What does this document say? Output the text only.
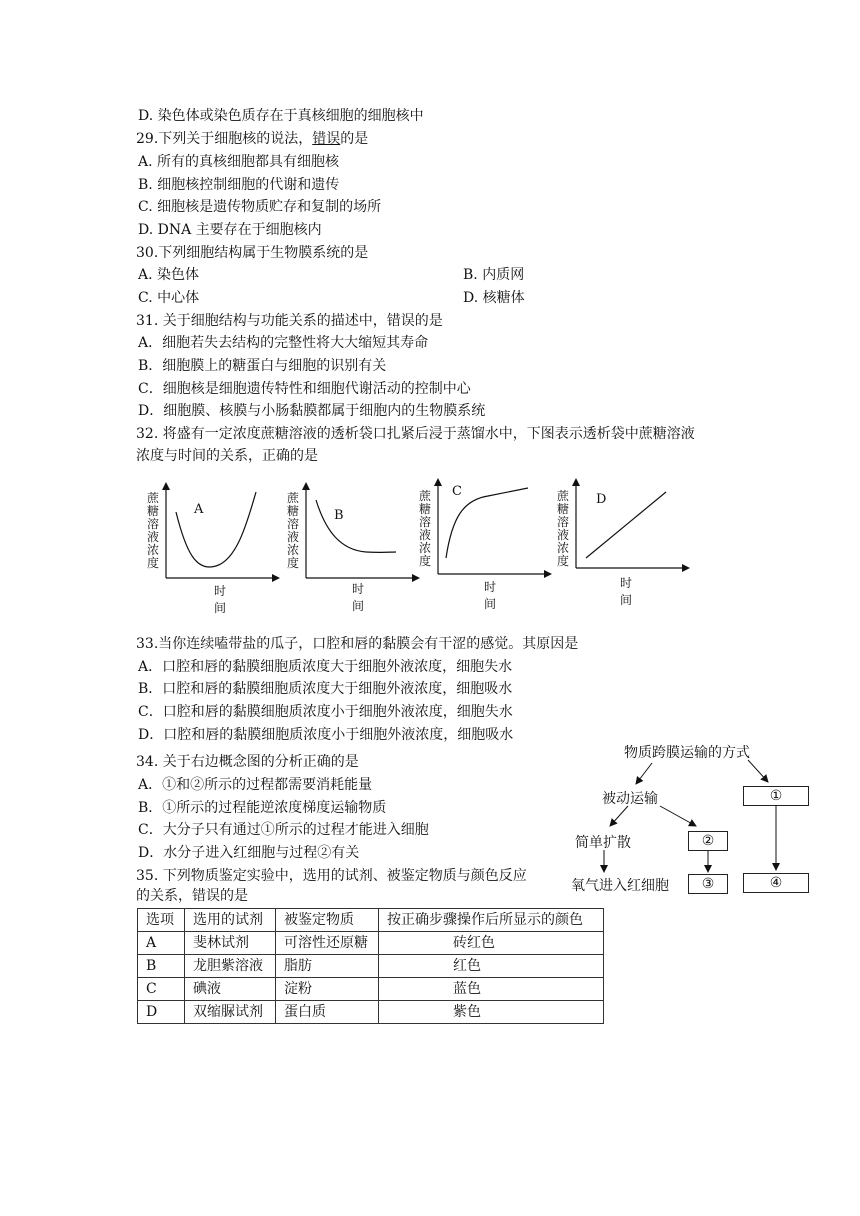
D. 染色体或染色质存在于真核细胞的细胞核中
29.下列关于细胞核的说法，错误的是
A. 所有的真核细胞都具有细胞核
B. 细胞核控制细胞的代谢和遗传
C. 细胞核是遗传物质贮存和复制的场所
D. DNA 主要存在于细胞核内
30.下列细胞结构属于生物膜系统的是
A. 染色体	B. 内质网
C. 中心体	D. 核糖体
31. 关于细胞结构与功能关系的描述中，错误的是
A．细胞若失去结构的完整性将大大缩短其寿命
B．细胞膜上的糖蛋白与细胞的识别有关
C．细胞核是细胞遗传特性和细胞代谢活动的控制中心
D．细胞膜、核膜与小肠黏膜都属于细胞内的生物膜系统
32. 将盛有一定浓度蔗糖溶液的透析袋口扎紧后浸于蒸馏水中，下图表示透析袋中蔗糖溶液
浓度与时间的关系，正确的是
蔗糖溶液浓度
A
时间
蔗糖溶液浓度
B
时间
蔗糖溶液浓度
C
时间
蔗糖溶液浓度
D
时间
33.当你连续嗑带盐的瓜子，口腔和唇的黏膜会有干涩的感觉。其原因是
A．口腔和唇的黏膜细胞质浓度大于细胞外液浓度，细胞失水
B．口腔和唇的黏膜细胞质浓度大于细胞外液浓度，细胞吸水
C．口腔和唇的黏膜细胞质浓度小于细胞外液浓度，细胞失水
D．口腔和唇的黏膜细胞质浓度小于细胞外液浓度，细胞吸水
34. 关于右边概念图的分析正确的是
A．①和②所示的过程都需要消耗能量
B．①所示的过程能逆浓度梯度运输物质
C．大分子只有通过①所示的过程才能进入细胞
D．水分子进入红细胞与过程②有关
35. 下列物质鉴定实验中，选用的试剂、被鉴定物质与颜色反应
的关系，错误的是
物质跨膜运输的方式
被动运输
简单扩散
氧气进入红细胞
①
②
③	④
选项	选用的试剂	被鉴定物质	按正确步骤操作后所显示的颜色
A	斐林试剂	可溶性还原糖	砖红色
B	龙胆紫溶液	脂肪	红色
C	碘液	淀粉	蓝色
D	双缩脲试剂	蛋白质	紫色
